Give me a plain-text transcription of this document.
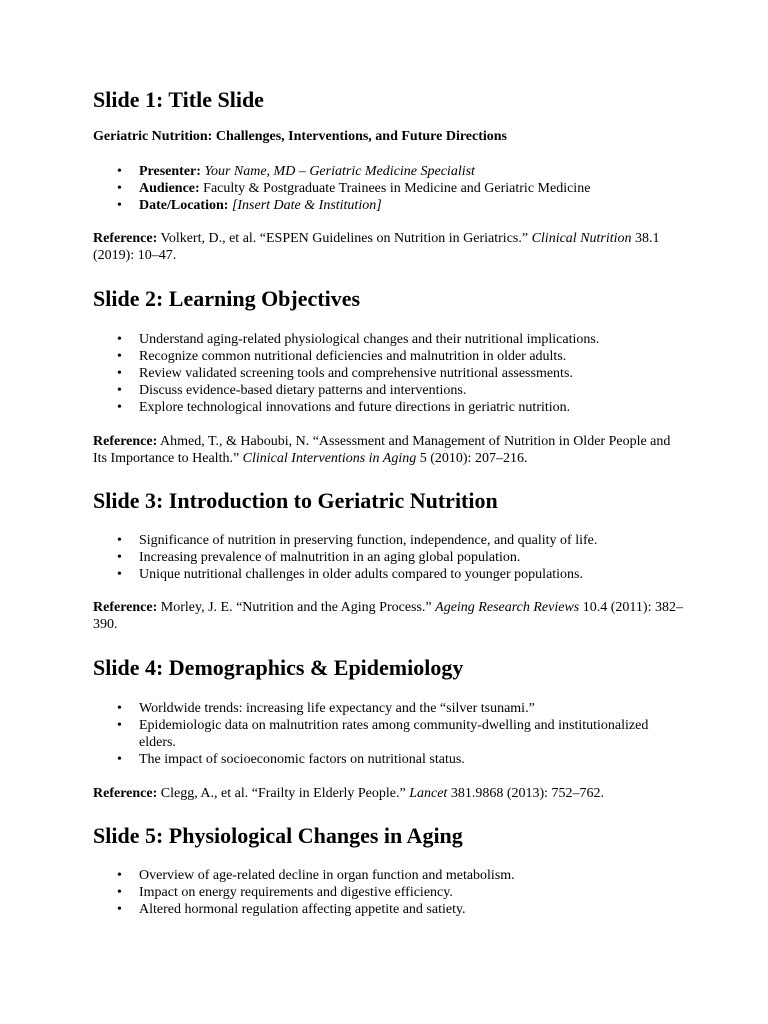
Slide 1: Title Slide

Geriatric Nutrition: Challenges, Interventions, and Future Directions

• Presenter: Your Name, MD – Geriatric Medicine Specialist
• Audience: Faculty & Postgraduate Trainees in Medicine and Geriatric Medicine
• Date/Location: [Insert Date & Institution]

Reference: Volkert, D., et al. “ESPEN Guidelines on Nutrition in Geriatrics.” Clinical Nutrition 38.1 (2019): 10–47.

Slide 2: Learning Objectives
• Understand aging-related physiological changes and their nutritional implications.
• Recognize common nutritional deficiencies and malnutrition in older adults.
• Review validated screening tools and comprehensive nutritional assessments.
• Discuss evidence-based dietary patterns and interventions.
• Explore technological innovations and future directions in geriatric nutrition.

Reference: Ahmed, T., & Haboubi, N. “Assessment and Management of Nutrition in Older People and Its Importance to Health.” Clinical Interventions in Aging 5 (2010): 207–216.

Slide 3: Introduction to Geriatric Nutrition
• Significance of nutrition in preserving function, independence, and quality of life.
• Increasing prevalence of malnutrition in an aging global population.
• Unique nutritional challenges in older adults compared to younger populations.

Reference: Morley, J. E. “Nutrition and the Aging Process.” Ageing Research Reviews 10.4 (2011): 382–390.

Slide 4: Demographics & Epidemiology
• Worldwide trends: increasing life expectancy and the “silver tsunami.”
• Epidemiologic data on malnutrition rates among community-dwelling and institutionalized elders.
• The impact of socioeconomic factors on nutritional status.

Reference: Clegg, A., et al. “Frailty in Elderly People.” Lancet 381.9868 (2013): 752–762.

Slide 5: Physiological Changes in Aging
• Overview of age-related decline in organ function and metabolism.
• Impact on energy requirements and digestive efficiency.
• Altered hormonal regulation affecting appetite and satiety.
